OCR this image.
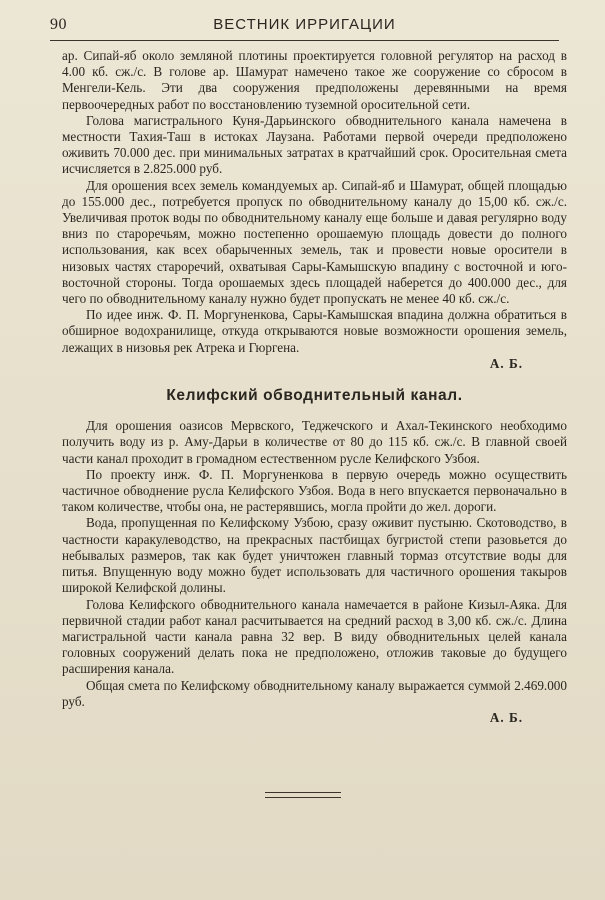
90	ВЕСТНИК ИРРИГАЦИИ

ар. Сипай-яб около земляной плотины проектируется головной регулятор на расход в 4.00 кб. сж./с. В голове ар. Шамурат намечено такое же сооружение со сбросом в Менгели-Кель. Эти два сооружения предположены деревянными на время первоочередных работ по восстановлению туземной оросительной сети.

Голова магистрального Куня-Дарьинского обводнительного канала намечена в местности Тахия-Таш в истоках Лаузана. Работами первой очереди предположено оживить 70.000 дес. при минимальных затратах в кратчайший срок. Оросительная смета исчисляется в 2.825.000 руб.

Для орошения всех земель командуемых ар. Сипай-яб и Шамурат, общей площадью до 155.000 дес., потребуется пропуск по обводнительному каналу до 15,00 кб. сж./с. Увеличивая проток воды по обводнительному каналу еще больше и давая регулярно воду вниз по староречьям, можно постепенно орошаемую площадь довести до полного использования, как всех обарыченных земель, так и провести новые оросители в низовых частях староречий, охватывая Сары-Камышскую впадину с восточной и юго-восточной стороны. Тогда орошаемых здесь площадей наберется до 400.000 дес., для чего по обводнительному каналу нужно будет пропускать не менее 40 кб. сж./с.

По идее инж. Ф. П. Моргуненкова, Сары-Камышская впадина должна обратиться в обширное водохранилище, откуда открываются новые возможности орошения земель, лежащих в низовья рек Атрека и Гюргена.

А. Б.
Келифский обводнительный канал.

Для орошения оазисов Мервского, Теджечского и Ахал-Текинского необходимо получить воду из р. Аму-Дарьи в количестве от 80 до 115 кб. сж./с. В главной своей части канал проходит в громадном естественном русле Келифского Узбоя.

По проекту инж. Ф. П. Моргуненкова в первую очередь можно осуществить частичное обводнение русла Келифского Узбоя. Вода в него впускается первоначально в таком количестве, чтобы она, не растерявшись, могла пройти до жел. дороги.

Вода, пропущенная по Келифскому Узбою, сразу оживит пустыню. Скотоводство, в частности каракулеводство, на прекрасных пастбищах бугристой степи разовьется до небывалых размеров, так как будет уничтожен главный тормаз отсутствие воды для питья. Впущенную воду можно будет использовать для частичного орошения такыров широкой Келифской долины.

Голова Келифского обводнительного канала намечается в районе Кизыл-Аяка. Для первичной стадии работ канал расчитывается на средний расход в 3,00 кб. сж./с. Длина магистральной части канала равна 32 вер. В виду обводнительных целей канала головных сооружений делать пока не предположено, отложив таковые до будущего расширения канала.

Общая смета по Келифскому обводнительному каналу выражается суммой 2.469.000 руб.

А. Б.
